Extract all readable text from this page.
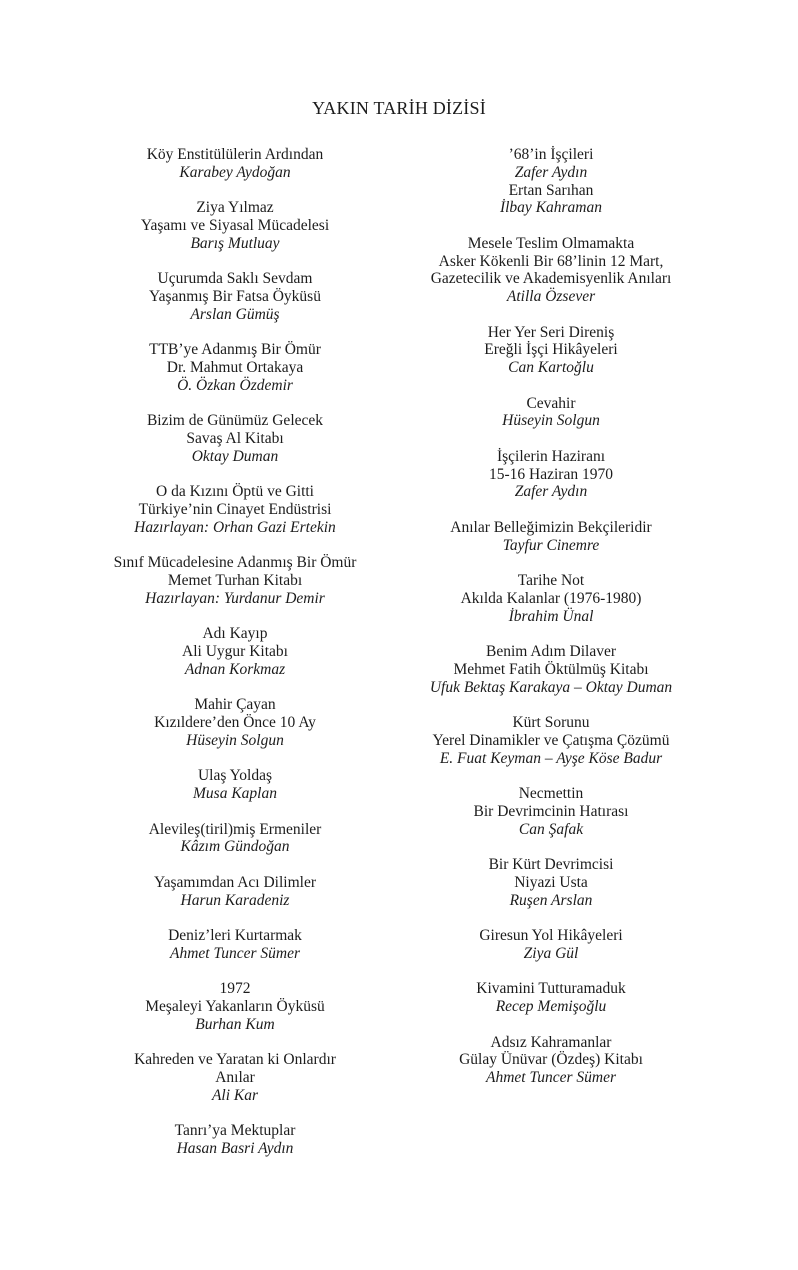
YAKIN TARİH DİZİSİ
Köy Enstitülülerin Ardından
Karabey Aydoğan
Ziya Yılmaz
Yaşamı ve Siyasal Mücadelesi
Barış Mutluay
Uçurumda Saklı Sevdam
Yaşanmış Bir Fatsa Öyküsü
Arslan Gümüş
TTB’ye Adanmış Bir Ömür
Dr. Mahmut Ortakaya
Ö. Özkan Özdemir
Bizim de Günümüz Gelecek
Savaş Al Kitabı
Oktay Duman
O da Kızını Öptü ve Gitti
Türkiye’nin Cinayet Endüstrisi
Hazırlayan: Orhan Gazi Ertekin
Sınıf Mücadelesine Adanmış Bir Ömür
Memet Turhan Kitabı
Hazırlayan: Yurdanur Demir
Adı Kayıp
Ali Uygur Kitabı
Adnan Korkmaz
Mahir Çayan
Kızıldere’den Önce 10 Ay
Hüseyin Solgun
Ulaş Yoldaş
Musa Kaplan
Alevileş(tiril)miş Ermeniler
Kâzım Gündoğan
Yaşamımdan Acı Dilimler
Harun Karadeniz
Deniz’leri Kurtarmak
Ahmet Tuncer Sümer
1972
Meşaleyi Yakanların Öyküsü
Burhan Kum
Kahreden ve Yaratan ki Onlardır
Anılar
Ali Kar
Tanrı’ya Mektuplar
Hasan Basri Aydın
’68’in İşçileri
Zafer Aydın
Ertan Sarıhan
İlbay Kahraman
Mesele Teslim Olmamakta
Asker Kökenli Bir 68’linin 12 Mart,
Gazetecilik ve Akademisyenlik Anıları
Atilla Özsever
Her Yer Seri Direniş
Ereğli İşçi Hikâyeleri
Can Kartoğlu
Cevahir
Hüseyin Solgun
İşçilerin Haziranı
15-16 Haziran 1970
Zafer Aydın
Anılar Belleğimizin Bekçileridir
Tayfur Cinemre
Tarihe Not
Akılda Kalanlar (1976-1980)
İbrahim Ünal
Benim Adım Dilaver
Mehmet Fatih Öktülmüş Kitabı
Ufuk Bektaş Karakaya – Oktay Duman
Kürt Sorunu
Yerel Dinamikler ve Çatışma Çözümü
E. Fuat Keyman – Ayşe Köse Badur
Necmettin
Bir Devrimcinin Hatırası
Can Şafak
Bir Kürt Devrimcisi
Niyazi Usta
Ruşen Arslan
Giresun Yol Hikâyeleri
Ziya Gül
Kivamini Tutturamaduk
Recep Memişoğlu
Adsız Kahramanlar
Gülay Ünüvar (Özdeş) Kitabı
Ahmet Tuncer Sümer
